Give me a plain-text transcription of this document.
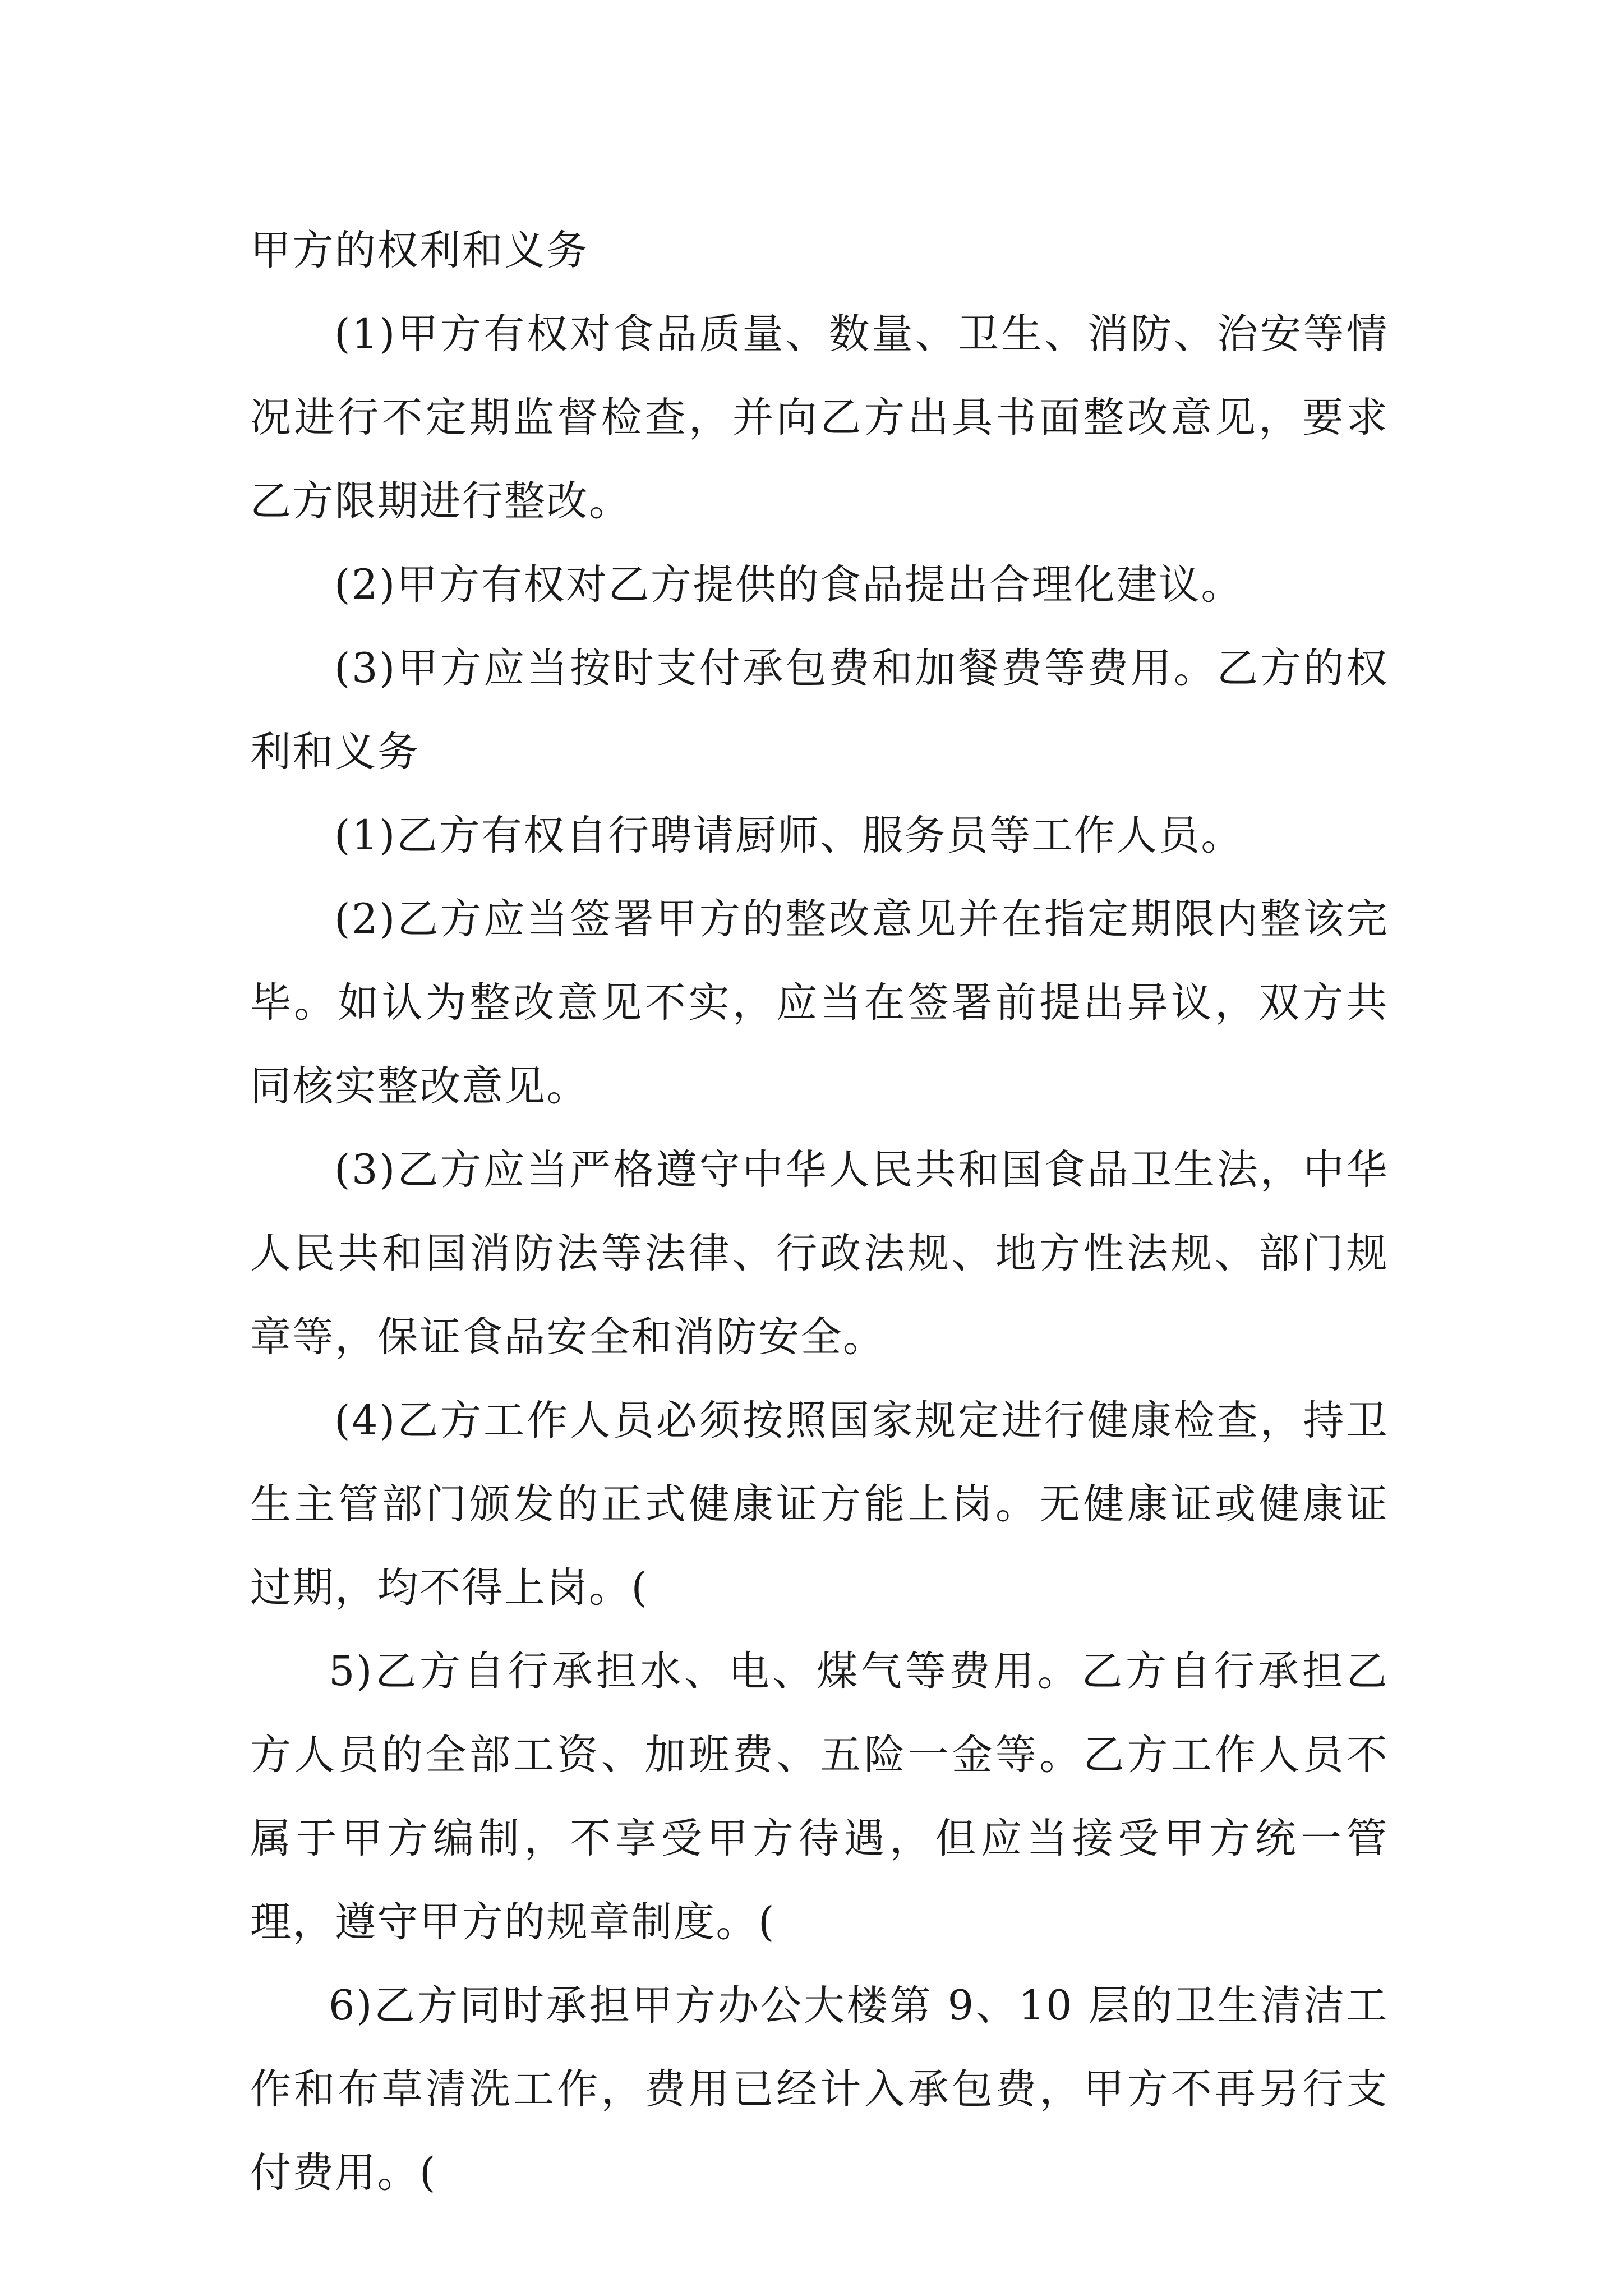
甲方的权利和义务

(1)甲方有权对食品质量、数量、卫生、消防、治安等情况进行不定期监督检查，并向乙方出具书面整改意见，要求乙方限期进行整改。

(2)甲方有权对乙方提供的食品提出合理化建议。

(3)甲方应当按时支付承包费和加餐费等费用。乙方的权利和义务

(1)乙方有权自行聘请厨师、服务员等工作人员。

(2)乙方应当签署甲方的整改意见并在指定期限内整该完毕。如认为整改意见不实，应当在签署前提出异议，双方共同核实整改意见。

(3)乙方应当严格遵守中华人民共和国食品卫生法，中华人民共和国消防法等法律、行政法规、地方性法规、部门规章等，保证食品安全和消防安全。

(4)乙方工作人员必须按照国家规定进行健康检查，持卫生主管部门颁发的正式健康证方能上岗。无健康证或健康证过期，均不得上岗。(

5)乙方自行承担水、电、煤气等费用。乙方自行承担乙方人员的全部工资、加班费、五险一金等。乙方工作人员不属于甲方编制，不享受甲方待遇，但应当接受甲方统一管理，遵守甲方的规章制度。(

6)乙方同时承担甲方办公大楼第 9、10 层的卫生清洁工作和布草清洗工作，费用已经计入承包费，甲方不再另行支付费用。(
